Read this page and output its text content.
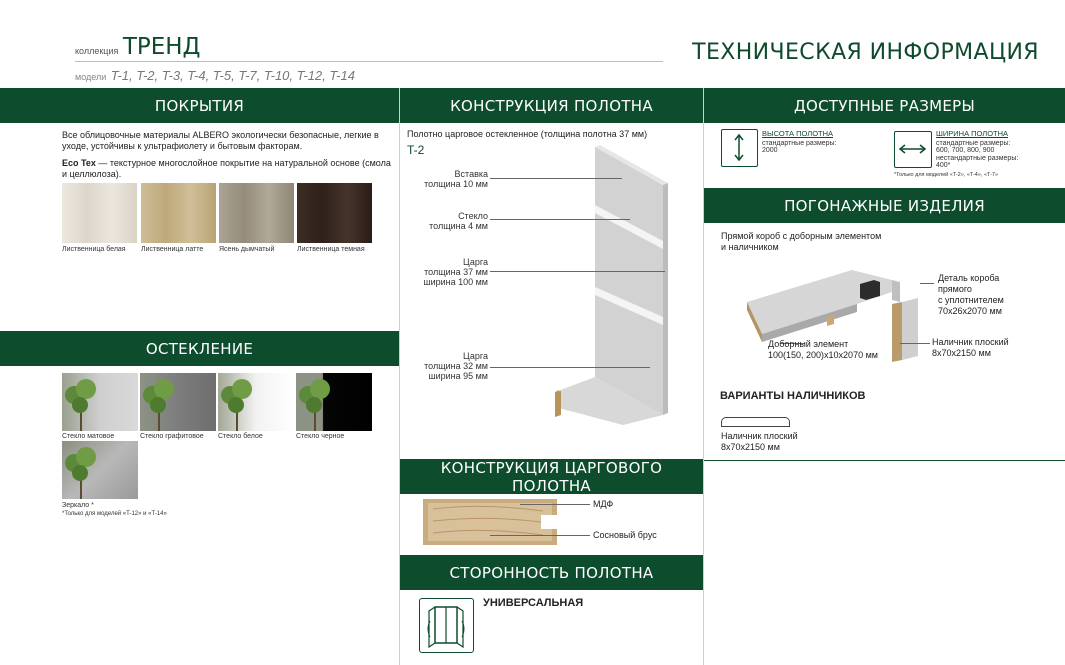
коллекция ТРЕНД
модели T-1, T-2, T-3, T-4, T-5, T-7, T-10, T-12, T-14
ТЕХНИЧЕСКАЯ ИНФОРМАЦИЯ
ПОКРЫТИЯ
Все облицовочные материалы ALBERO экологически безопасные, легкие в уходе, устойчивы к ультрафиолету и бытовым факторам.
Eco Tex — текстурное многослойное покрытие на натуральной основе (смола и целлюлоза).
Лиственница белая Лиственница латте Ясень дымчатый	Лиственница темная
ОСТЕКЛЕНИЕ
Стекло матовое	Стекло графитовое Стекло белое	Стекло черное
Зеркало *
*Только для моделей «T-12» и «T-14»
КОНСТРУКЦИЯ ПОЛОТНА
Полотно царговое остекленное (толщина полотна 37 мм)
T-2
Вставка
толщина 10 мм
Стекло
толщина 4 мм
Царга
толщина 37 мм
ширина 100 мм
Царга
толщина 32 мм
ширина 95 мм
КОНСТРУКЦИЯ ЦАРГОВОГО ПОЛОТНА
МДФ
Сосновый брус
СТОРОННОСТЬ ПОЛОТНА
УНИВЕРСАЛЬНАЯ
ДОСТУПНЫЕ РАЗМЕРЫ
ВЫСОТА ПОЛОТНА
стандартные размеры:
2000
ШИРИНА ПОЛОТНА
стандартные размеры:
600, 700, 800, 900
нестандартные размеры:
400*
*Только для моделей «T-2», «T-4», «T-7»
ПОГОНАЖНЫЕ ИЗДЕЛИЯ
Прямой короб с доборным элементом
и наличником
Деталь короба
прямого
с уплотнителем
70x26x2070 мм
Доборный элемент
100(150, 200)x10x2070 мм
Наличник плоский
8x70x2150 мм
ВАРИАНТЫ НАЛИЧНИКОВ
Наличник плоский
8x70x2150 мм
